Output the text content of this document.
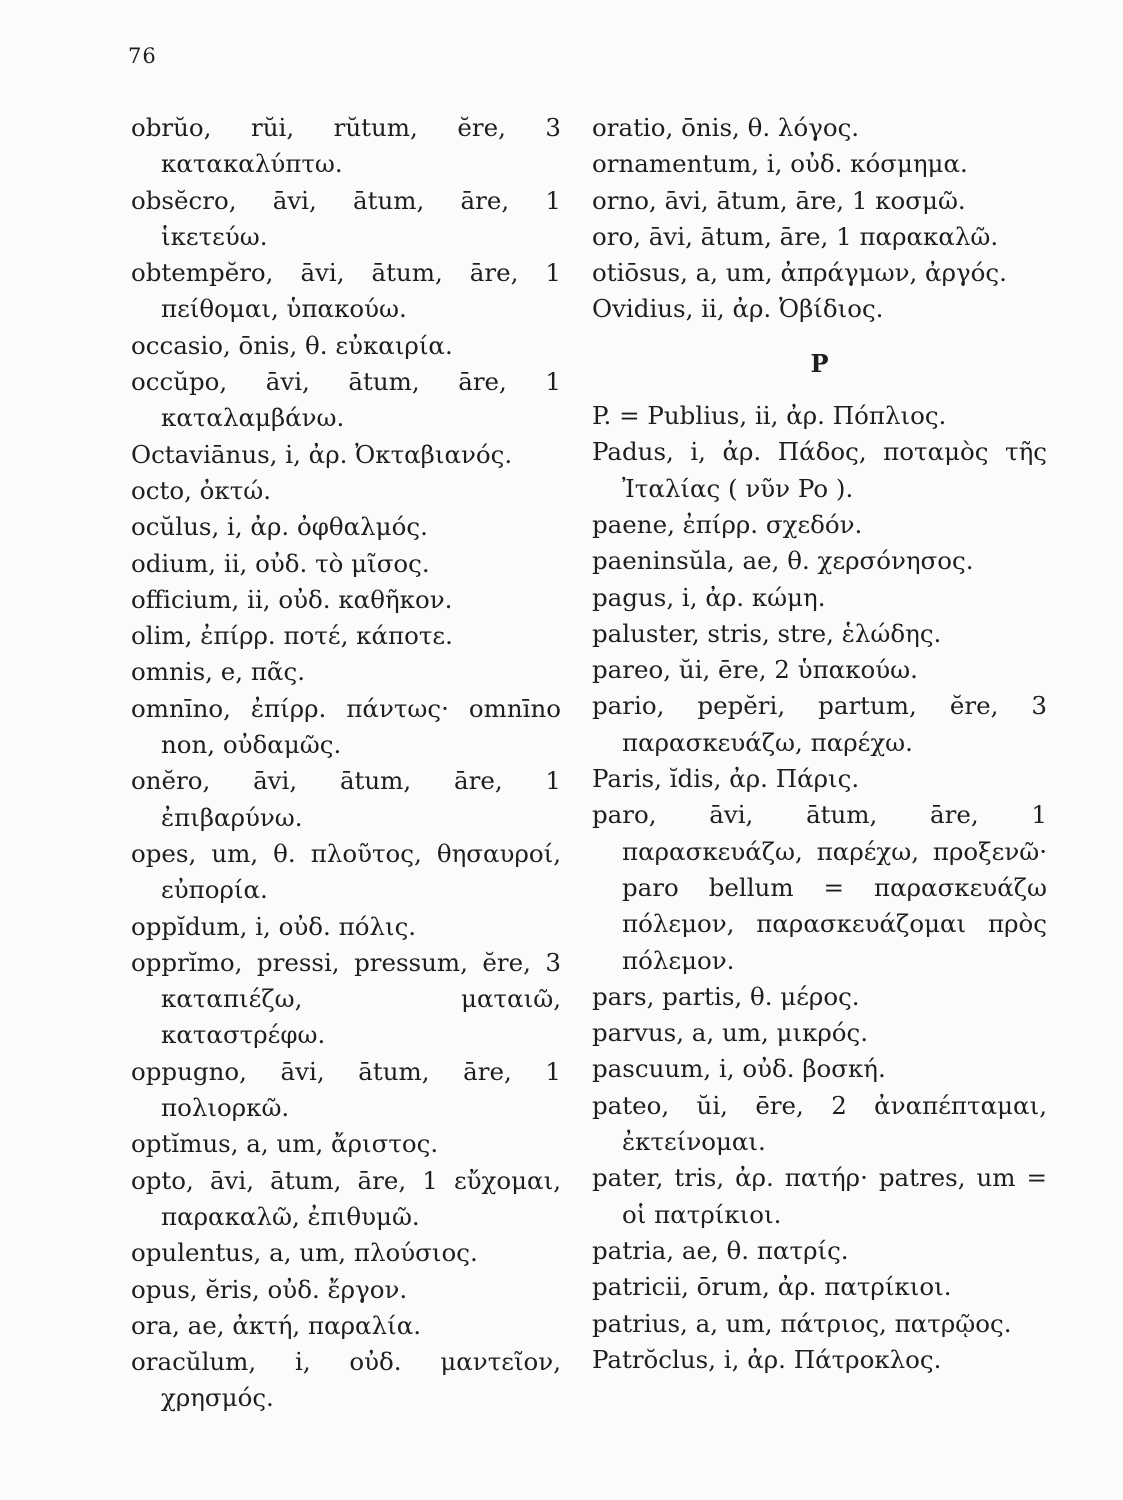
76
obrŭo, rŭi, rŭtum, ĕre, 3 κατακαλύπτω.
obsĕcro, āvi, ātum, āre, 1 ἱκετεύω.
obtempĕro, āvi, ātum, āre, 1 πείθομαι, ὑπακούω.
occasio, ōnis, θ. εὐκαιρία.
occŭpo, āvi, ātum, āre, 1 καταλαμβάνω.
Octaviānus, i, ἀρ. Ὀκταβιανός.
octo, ὀκτώ.
ocŭlus, i, ἀρ. ὀφθαλμός.
odium, ii, οὐδ. τὸ μῖσος.
officium, ii, οὐδ. καθῆκον.
olim, ἐπίρρ. ποτέ, κάποτε.
omnis, e, πᾶς.
omnīno, ἐπίρρ. πάντως· omnīno non, οὐδαμῶς.
onĕro, āvi, ātum, āre, 1 ἐπιβαρύνω.
opes, um, θ. πλοῦτος, θησαυροί, εὐπορία.
oppĭdum, i, οὐδ. πόλις.
opprĭmo, pressi, pressum, ĕre, 3 καταπιέζω, ματαιῶ, καταστρέφω.
oppugno, āvi, ātum, āre, 1 πολιορκῶ.
optĭmus, a, um, ἄριστος.
opto, āvi, ātum, āre, 1 εὔχομαι, παρακαλῶ, ἐπιθυμῶ.
opulentus, a, um, πλούσιος.
opus, ĕris, οὐδ. ἔργον.
ora, ae, ἀκτή, παραλία.
oracŭlum, i, οὐδ. μαντεῖον, χρησμός.
oratio, ōnis, θ. λόγος.
ornamentum, i, οὐδ. κόσμημα.
orno, āvi, ātum, āre, 1 κοσμῶ.
oro, āvi, ātum, āre, 1 παρακαλῶ.
otiōsus, a, um, ἀπράγμων, ἀργός.
Ovidius, ii, ἀρ. Ὀβίδιος.
P
P. = Publius, ii, ἀρ. Πόπλιος.
Padus, i, ἀρ. Πάδος, ποταμὸς τῆς Ἰταλίας ( νῦν Po ).
paene, ἐπίρρ. σχεδόν.
paeninsŭla, ae, θ. χερσόνησος.
pagus, i, ἀρ. κώμη.
paluster, stris, stre, ἑλώδης.
pareo, ŭi, ēre, 2 ὑπακούω.
pario, pepĕri, partum, ĕre, 3 παρασκευάζω, παρέχω.
Paris, ĭdis, ἀρ. Πάρις.
paro, āvi, ātum, āre, 1 παρασκευάζω, παρέχω, προξενῶ· paro bellum = παρασκευάζω πόλεμον, παρασκευάζομαι πρὸς πόλεμον.
pars, partis, θ. μέρος.
parvus, a, um, μικρός.
pascuum, i, οὐδ. βοσκή.
pateo, ŭi, ēre, 2 ἀναπέπταμαι, ἐκτείνομαι.
pater, tris, ἀρ. πατήρ· patres, um = οἱ πατρίκιοι.
patria, ae, θ. πατρίς.
patricii, ōrum, ἀρ. πατρίκιοι.
patrius, a, um, πάτριος, πατρῷος.
Patrŏclus, i, ἀρ. Πάτροκλος.
